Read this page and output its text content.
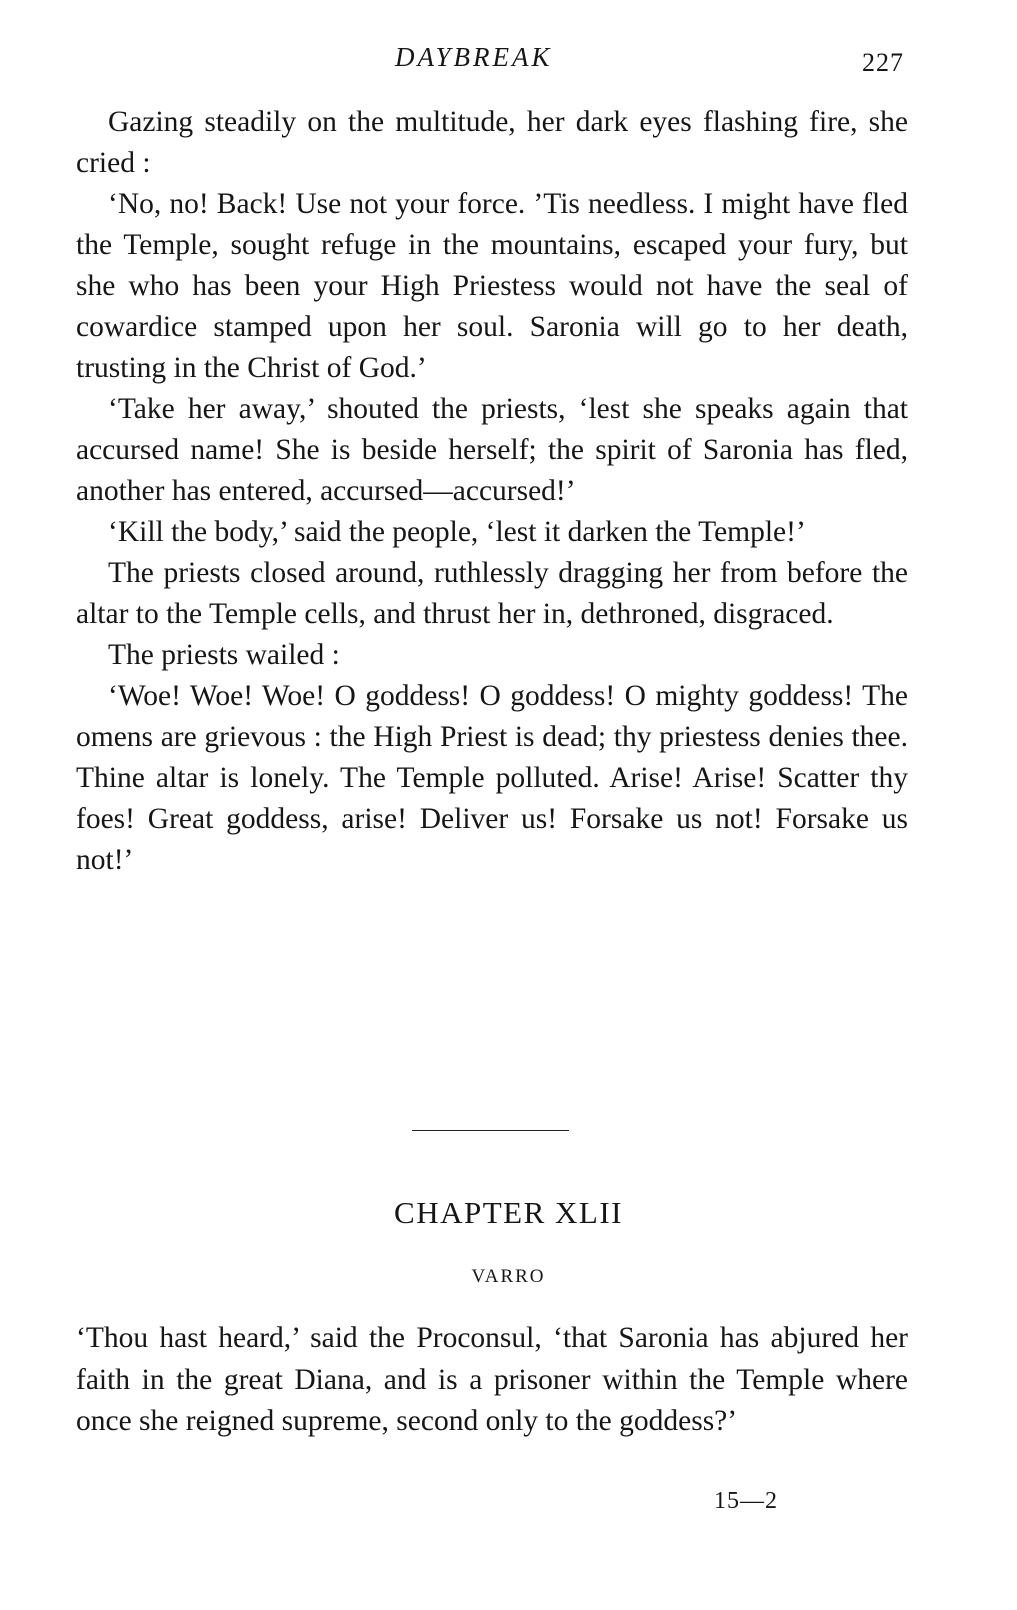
DAYBREAK	227

Gazing steadily on the multitude, her dark eyes flashing fire, she cried :

‘No, no! Back! Use not your force. ’Tis needless. I might have fled the Temple, sought refuge in the mountains, escaped your fury, but she who has been your High Priestess would not have the seal of cowardice stamped upon her soul. Saronia will go to her death, trusting in the Christ of God.’

‘Take her away,’ shouted the priests, ‘lest she speaks again that accursed name! She is beside herself; the spirit of Saronia has fled, another has entered, accursed—accursed!’

‘Kill the body,’ said the people, ‘lest it darken the Temple!’

The priests closed around, ruthlessly dragging her from before the altar to the Temple cells, and thrust her in, dethroned, disgraced.

The priests wailed :

‘Woe! Woe! Woe! O goddess! O goddess! O mighty goddess! The omens are grievous : the High Priest is dead; thy priestess denies thee. Thine altar is lonely. The Temple polluted. Arise! Arise! Scatter thy foes! Great goddess, arise! Deliver us! Forsake us not! Forsake us not!’

CHAPTER XLII
VARRO

‘Thou hast heard,’ said the Proconsul, ‘that Saronia has abjured her faith in the great Diana, and is a prisoner within the Temple where once she reigned supreme, second only to the goddess?’

15—2
